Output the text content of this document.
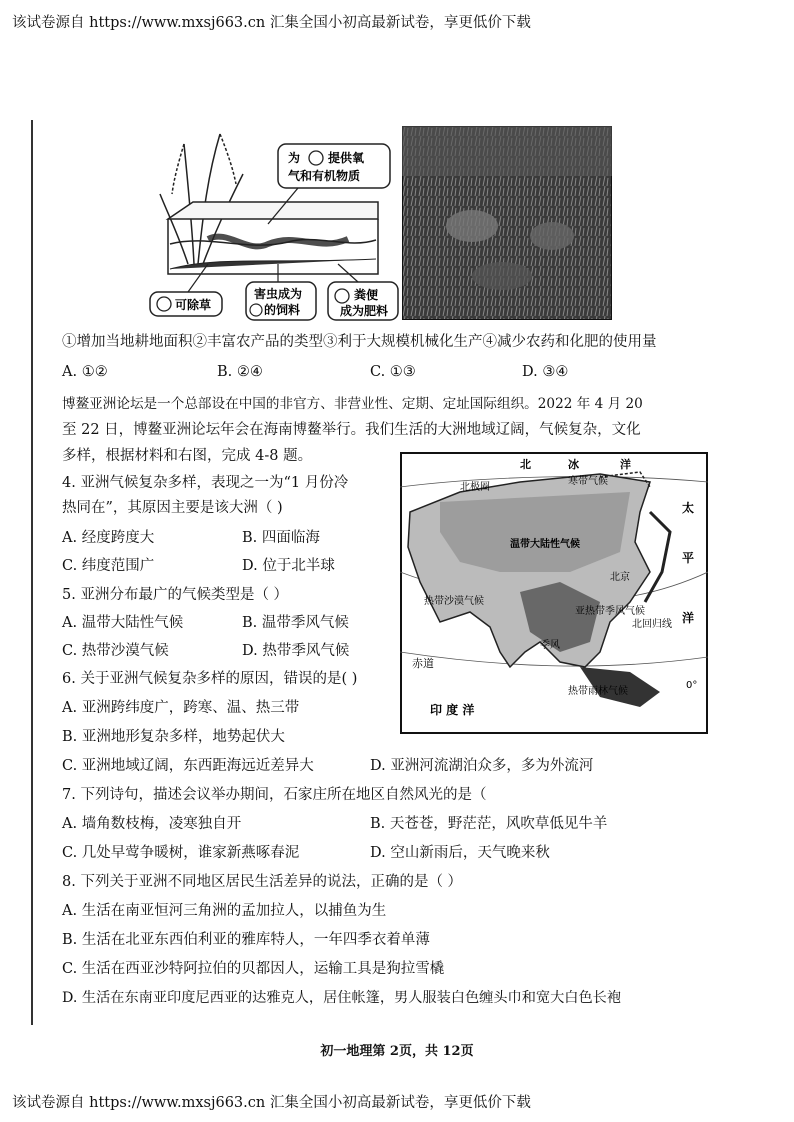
该试卷源自 https://www.mxsj663.cn 汇集全国小初高最新试卷，享更低价下载
为 提供氧
气和有机物质
可除草
害虫成为
的饲料
粪便
成为肥料
①增加当地耕地面积②丰富农产品的类型③利于大规模机械化生产④减少农药和化肥的使用量
A. ①②	B. ②④	C. ①③	D. ③④
博鳌亚洲论坛是一个总部设在中国的非官方、非营业性、定期、定址国际组织。2022 年 4 月 20
至 22 日，博鳌亚洲论坛年会在海南博鳌举行。我们生活的大洲地域辽阔，气候复杂，文化
多样，根据材料和右图，完成 4-8 题。
4. 亚洲气候复杂多样，表现之一为“1 月份冷
热同在”，其原因主要是该大洲（ )
A. 经度跨度大	B. 四面临海
C. 纬度范围广	D. 位于北半球
5. 亚洲分布最广的气候类型是（ ）
A. 温带大陆性气候	B. 温带季风气候
C. 热带沙漠气候	D. 热带季风气候
6. 关于亚洲气候复杂多样的原因，错误的是( )
A. 亚洲跨纬度广，跨寒、温、热三带
B. 亚洲地形复杂多样，地势起伏大
C. 亚洲地域辽阔，东西距海远近差异大	D. 亚洲河流湖泊众多，多为外流河
7. 下列诗句，描述会议举办期间，石家庄所在地区自然风光的是（
A. 墙角数枝梅，凌寒独自开	B. 天苍苍，野茫茫，风吹草低见牛羊
C. 几处早莺争暖树，谁家新燕啄春泥	D. 空山新雨后，天气晚来秋
8. 下列关于亚洲不同地区居民生活差异的说法，正确的是（ ）
A. 生活在南亚恒河三角洲的孟加拉人，以捕鱼为生
B. 生活在北亚东西伯利亚的雅库特人，一年四季衣着单薄
C. 生活在西亚沙特阿拉伯的贝都因人，运输工具是狗拉雪橇
D. 生活在东南亚印度尼西亚的达雅克人，居住帐篷，男人服装白色缠头巾和宽大白色长袍
北	冰	洋
寒带气候
北极圈
温带大陆性气候
太
平
洋
北京
热带沙漠气候
北回归线
亚热带季风气候
季风
赤道
热带雨林气候
0°
印 度 洋
初一地理第 2页，共 12页
该试卷源自 https://www.mxsj663.cn 汇集全国小初高最新试卷，享更低价下载
